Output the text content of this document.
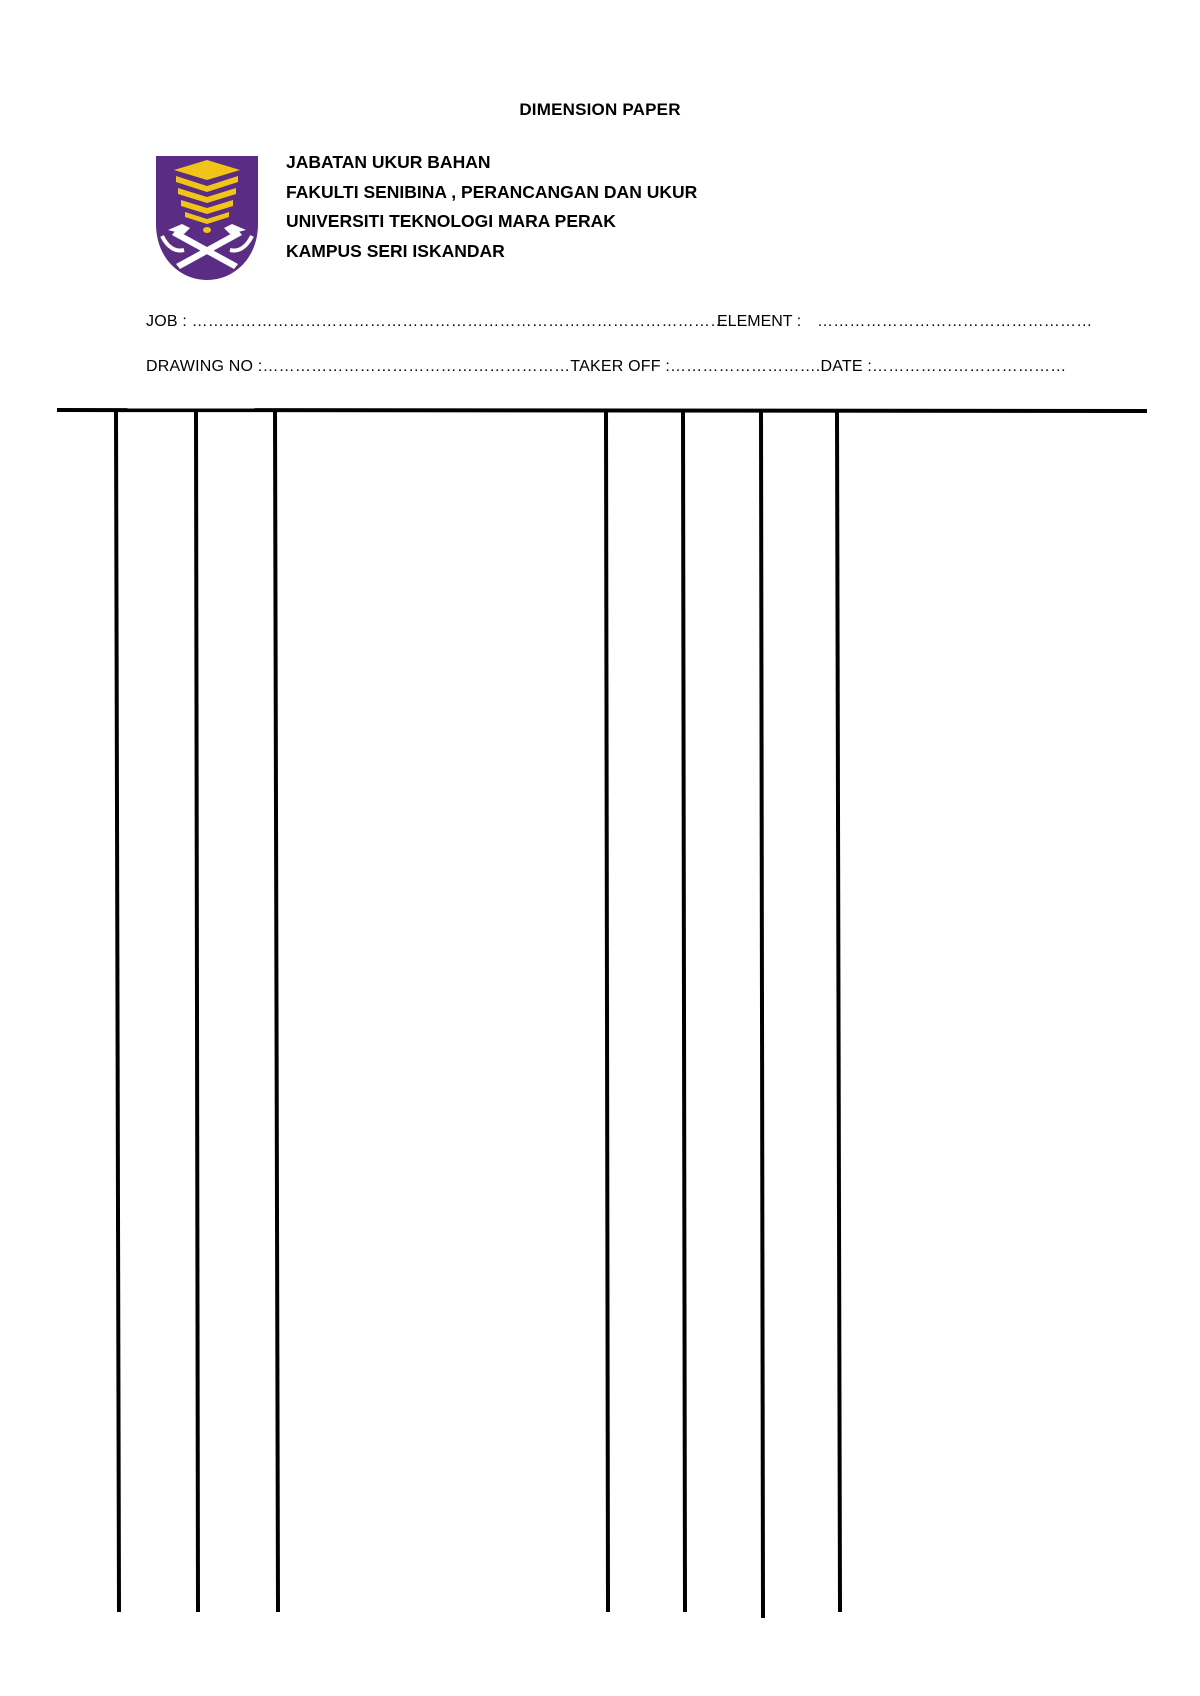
DIMENSION PAPER
JABATAN UKUR BAHAN
FAKULTI SENIBINA , PERANCANGAN DAN UKUR
UNIVERSITI TEKNOLOGI MARA PERAK
KAMPUS SERI ISKANDAR
JOB : ………………………………………………………………………………………
ELEMENT : ……………………………………………
DRAWING NO :…………………………………………………TAKER OFF :……………………….DATE :………………………………
